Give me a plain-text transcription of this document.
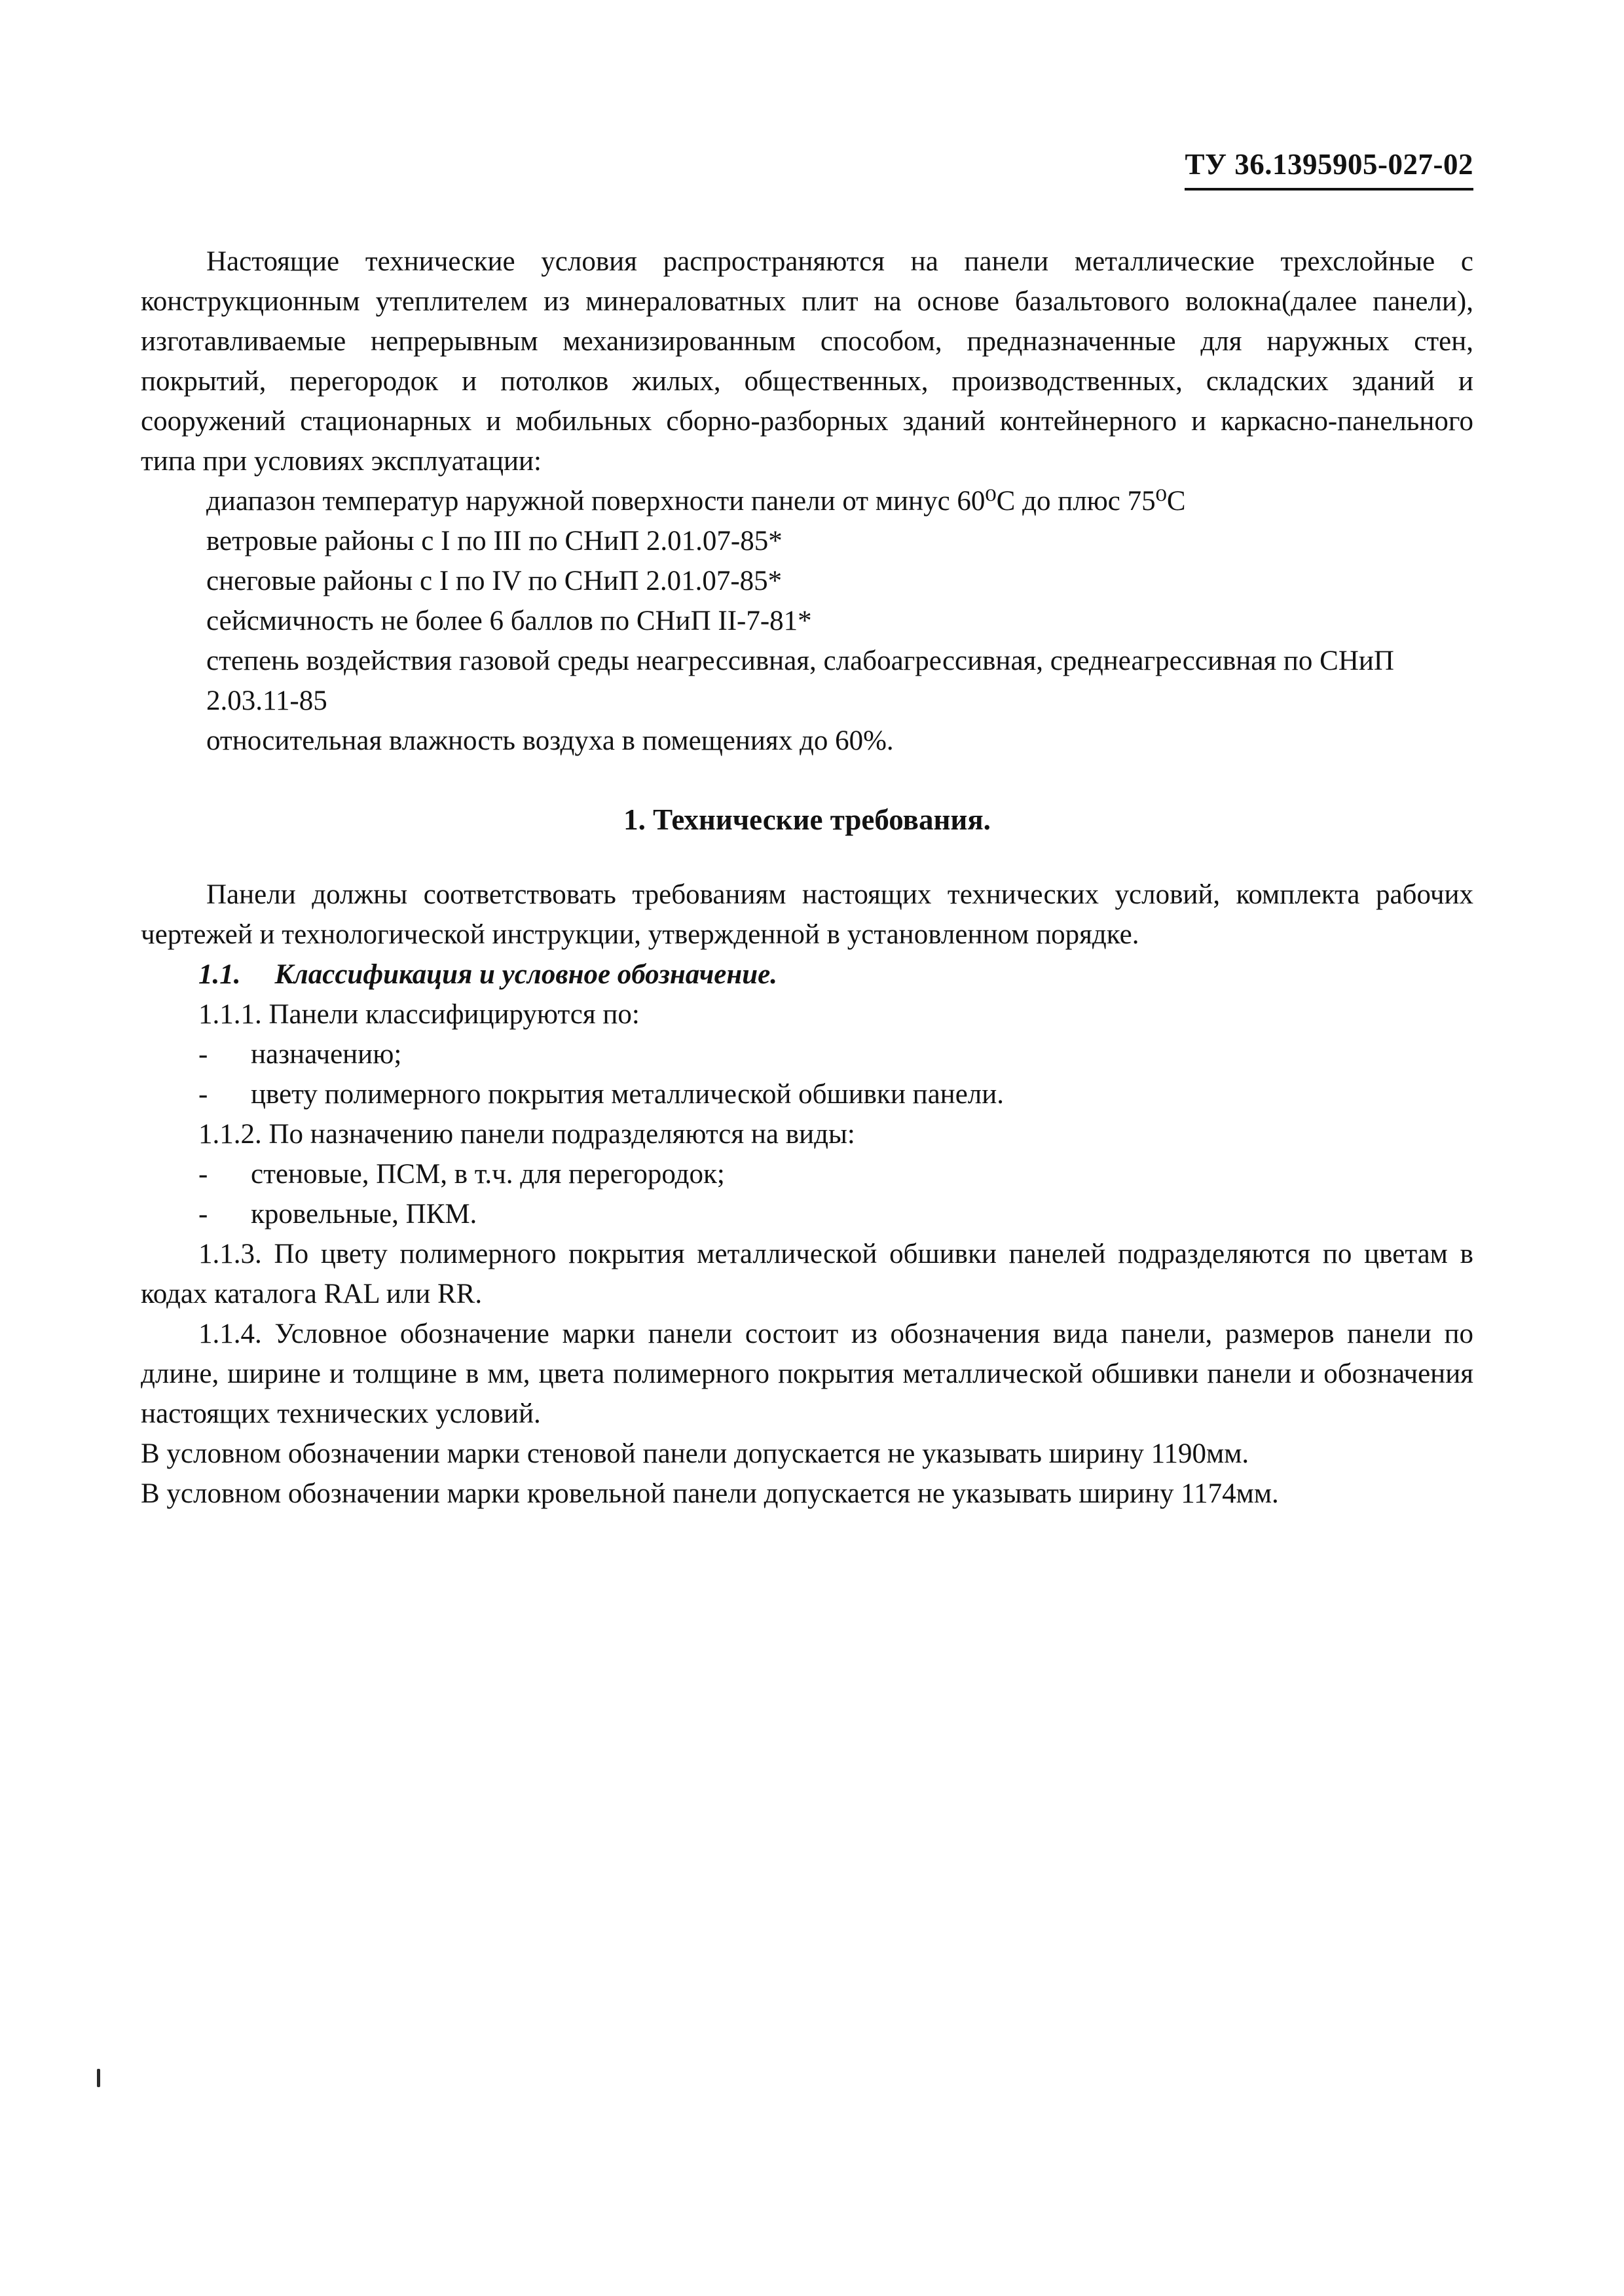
ТУ 36.1395905-027-02

Настоящие технические условия распространяются на панели металлические трехслойные с конструкционным утеплителем из минераловатных плит на основе базальтового волокна(далее панели), изготавливаемые непрерывным механизированным способом, предназначенные для наружных стен, покрытий, перегородок и потолков жилых, общественных, производственных, складских зданий и сооружений стационарных и мобильных сборно-разборных зданий контейнерного и каркасно-панельного типа при условиях эксплуатации:

диапазон температур наружной поверхности панели от минус 60⁰С до плюс 75⁰С

ветровые районы с I по III по СНиП 2.01.07-85*

снеговые районы с I по IV по СНиП 2.01.07-85*

сейсмичность не более 6 баллов по СНиП II-7-81*

степень воздействия газовой среды неагрессивная, слабоагрессивная, среднеагрессивная по СНиП 2.03.11-85

относительная влажность воздуха в помещениях до 60%.

1. Технические требования.

Панели должны соответствовать требованиям настоящих технических условий, комплекта рабочих чертежей и технологической инструкции, утвержденной в установленном порядке.

1.1. Классификация и условное обозначение.

1.1.1. Панели классифицируются по:

-	назначению;
-	цвету полимерного покрытия металлической обшивки панели.

1.1.2. По назначению панели подразделяются на виды:

-	стеновые, ПСМ, в т.ч. для перегородок;
-	кровельные, ПКМ.

1.1.3. По цвету полимерного покрытия металлической обшивки панелей подразделяются по цветам в кодах каталога RAL или RR.

1.1.4. Условное обозначение марки панели состоит из обозначения вида панели, размеров панели по длине, ширине и толщине в мм, цвета полимерного покрытия металлической обшивки панели и обозначения настоящих технических условий.

В условном обозначении марки стеновой панели допускается не указывать ширину 1190мм.

В условном обозначении марки кровельной панели допускается не указывать ширину 1174мм.
